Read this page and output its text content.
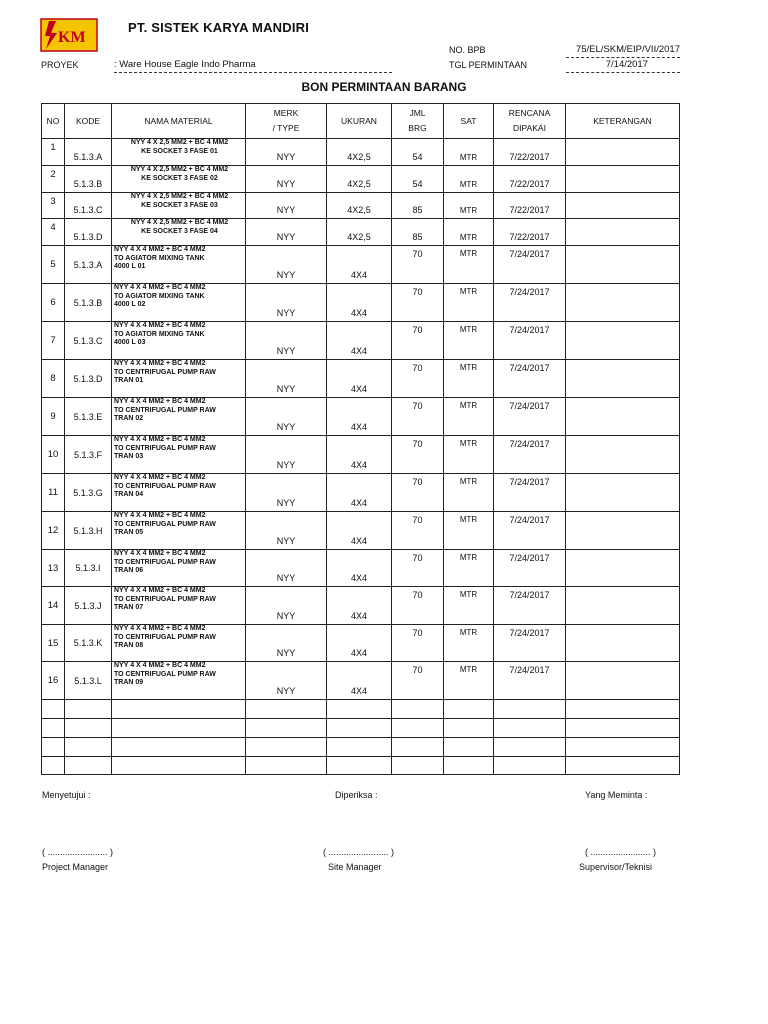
KM
PT. SISTEK KARYA MANDIRI
NO. BPB	75/EL/SKM/EIP/VII/2017
PROYEK	: Ware House Eagle Indo Pharma	TGL PERMINTAAN	7/14/2017
BON PERMINTAAN BARANG
NO	KODE	NAMA MATERIAL	MERK
/ TYPE	UKURAN	JML
BRG	SAT	RENCANA
DIPAKAI	KETERANGAN
1	5.1.3.A	NYY 4 X 2,5 MM2 + BC 4 MM2
KE SOCKET 3 FASE 01	NYY	4X2,5	54	MTR	7/22/2017	
2	5.1.3.B	NYY 4 X 2,5 MM2 + BC 4 MM2
KE SOCKET 3 FASE 02	NYY	4X2,5	54	MTR	7/22/2017	
3	5.1.3.C	NYY 4 X 2,5 MM2 + BC 4 MM2
KE SOCKET 3 FASE 03	NYY	4X2,5	85	MTR	7/22/2017	
4	5.1.3.D	NYY 4 X 2,5 MM2 + BC 4 MM2
KE SOCKET 3 FASE 04	NYY	4X2,5	85	MTR	7/22/2017	
5	5.1.3.A	NYY 4 X 4 MM2 + BC 4 MM2
TO AGIATOR MIXING TANK
4000 L 01	NYY	4X4	70	MTR	7/24/2017	
6	5.1.3.B	NYY 4 X 4 MM2 + BC 4 MM2
TO AGIATOR MIXING TANK
4000 L 02	NYY	4X4	70	MTR	7/24/2017	
7	5.1.3.C	NYY 4 X 4 MM2 + BC 4 MM2
TO AGIATOR MIXING TANK
4000 L 03	NYY	4X4	70	MTR	7/24/2017	
8	5.1.3.D	NYY 4 X 4 MM2 + BC 4 MM2
TO CENTRIFUGAL PUMP RAW
TRAN 01	NYY	4X4	70	MTR	7/24/2017	
9	5.1.3.E	NYY 4 X 4 MM2 + BC 4 MM2
TO CENTRIFUGAL PUMP RAW
TRAN 02	NYY	4X4	70	MTR	7/24/2017	
10	5.1.3.F	NYY 4 X 4 MM2 + BC 4 MM2
TO CENTRIFUGAL PUMP RAW
TRAN 03	NYY	4X4	70	MTR	7/24/2017	
11	5.1.3.G	NYY 4 X 4 MM2 + BC 4 MM2
TO CENTRIFUGAL PUMP RAW
TRAN 04	NYY	4X4	70	MTR	7/24/2017	
12	5.1.3.H	NYY 4 X 4 MM2 + BC 4 MM2
TO CENTRIFUGAL PUMP RAW
TRAN 05	NYY	4X4	70	MTR	7/24/2017	
13	5.1.3.I	NYY 4 X 4 MM2 + BC 4 MM2
TO CENTRIFUGAL PUMP RAW
TRAN 06	NYY	4X4	70	MTR	7/24/2017	
14	5.1.3.J	NYY 4 X 4 MM2 + BC 4 MM2
TO CENTRIFUGAL PUMP RAW
TRAN 07	NYY	4X4	70	MTR	7/24/2017	
15	5.1.3.K	NYY 4 X 4 MM2 + BC 4 MM2
TO CENTRIFUGAL PUMP RAW
TRAN 08	NYY	4X4	70	MTR	7/24/2017	
16	5.1.3.L	NYY 4 X 4 MM2 + BC 4 MM2
TO CENTRIFUGAL PUMP RAW
TRAN 09	NYY	4X4	70	MTR	7/24/2017	

Menyetujui :	Diperiksa :	Yang Meminta :
( ........................ )	( ........................ )	( ........................ )
Project Manager	Site Manager	Supervisor/Teknisi
